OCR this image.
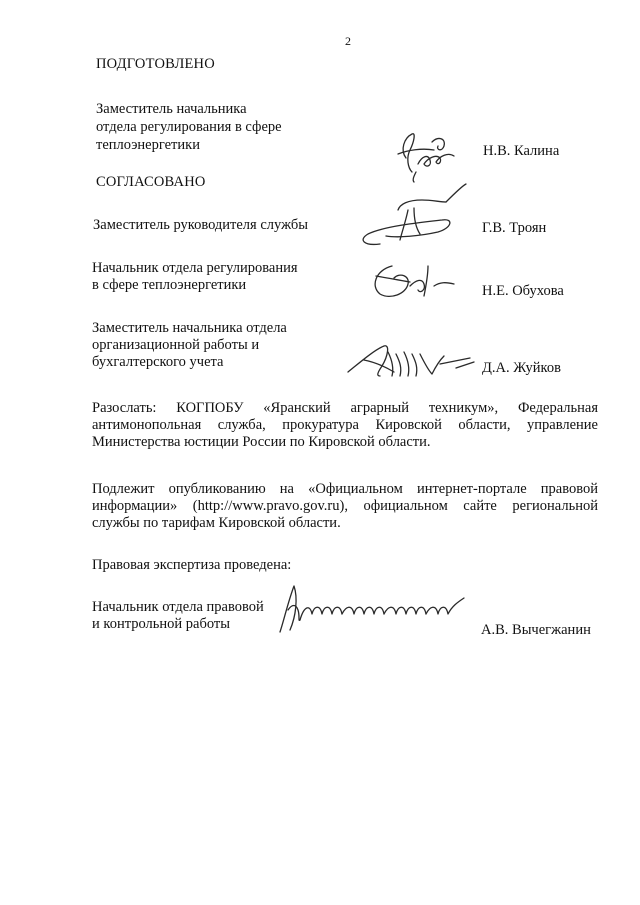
2
ПОДГОТОВЛЕНО
Заместитель начальника
отдела регулирования в сфере
теплоэнергетики	Н.В. Калина
СОГЛАСОВАНО
Заместитель руководителя службы	Г.В. Троян
Начальник отдела регулирования
в сфере теплоэнергетики	Н.Е. Обухова
Заместитель начальника отдела
организационной работы и
бухгалтерского учета	Д.А. Жуйков
Разослать: КОГПОБУ «Яранский аграрный техникум», Федеральная антимонопольная служба, прокуратура Кировской области, управление Министерства юстиции России по Кировской области.
Подлежит опубликованию на «Официальном интернет-портале правовой информации» (http://www.pravo.gov.ru), официальном сайте региональной службы по тарифам Кировской области.
Правовая экспертиза проведена:
Начальник отдела правовой
и контрольной работы	А.В. Вычегжанин
